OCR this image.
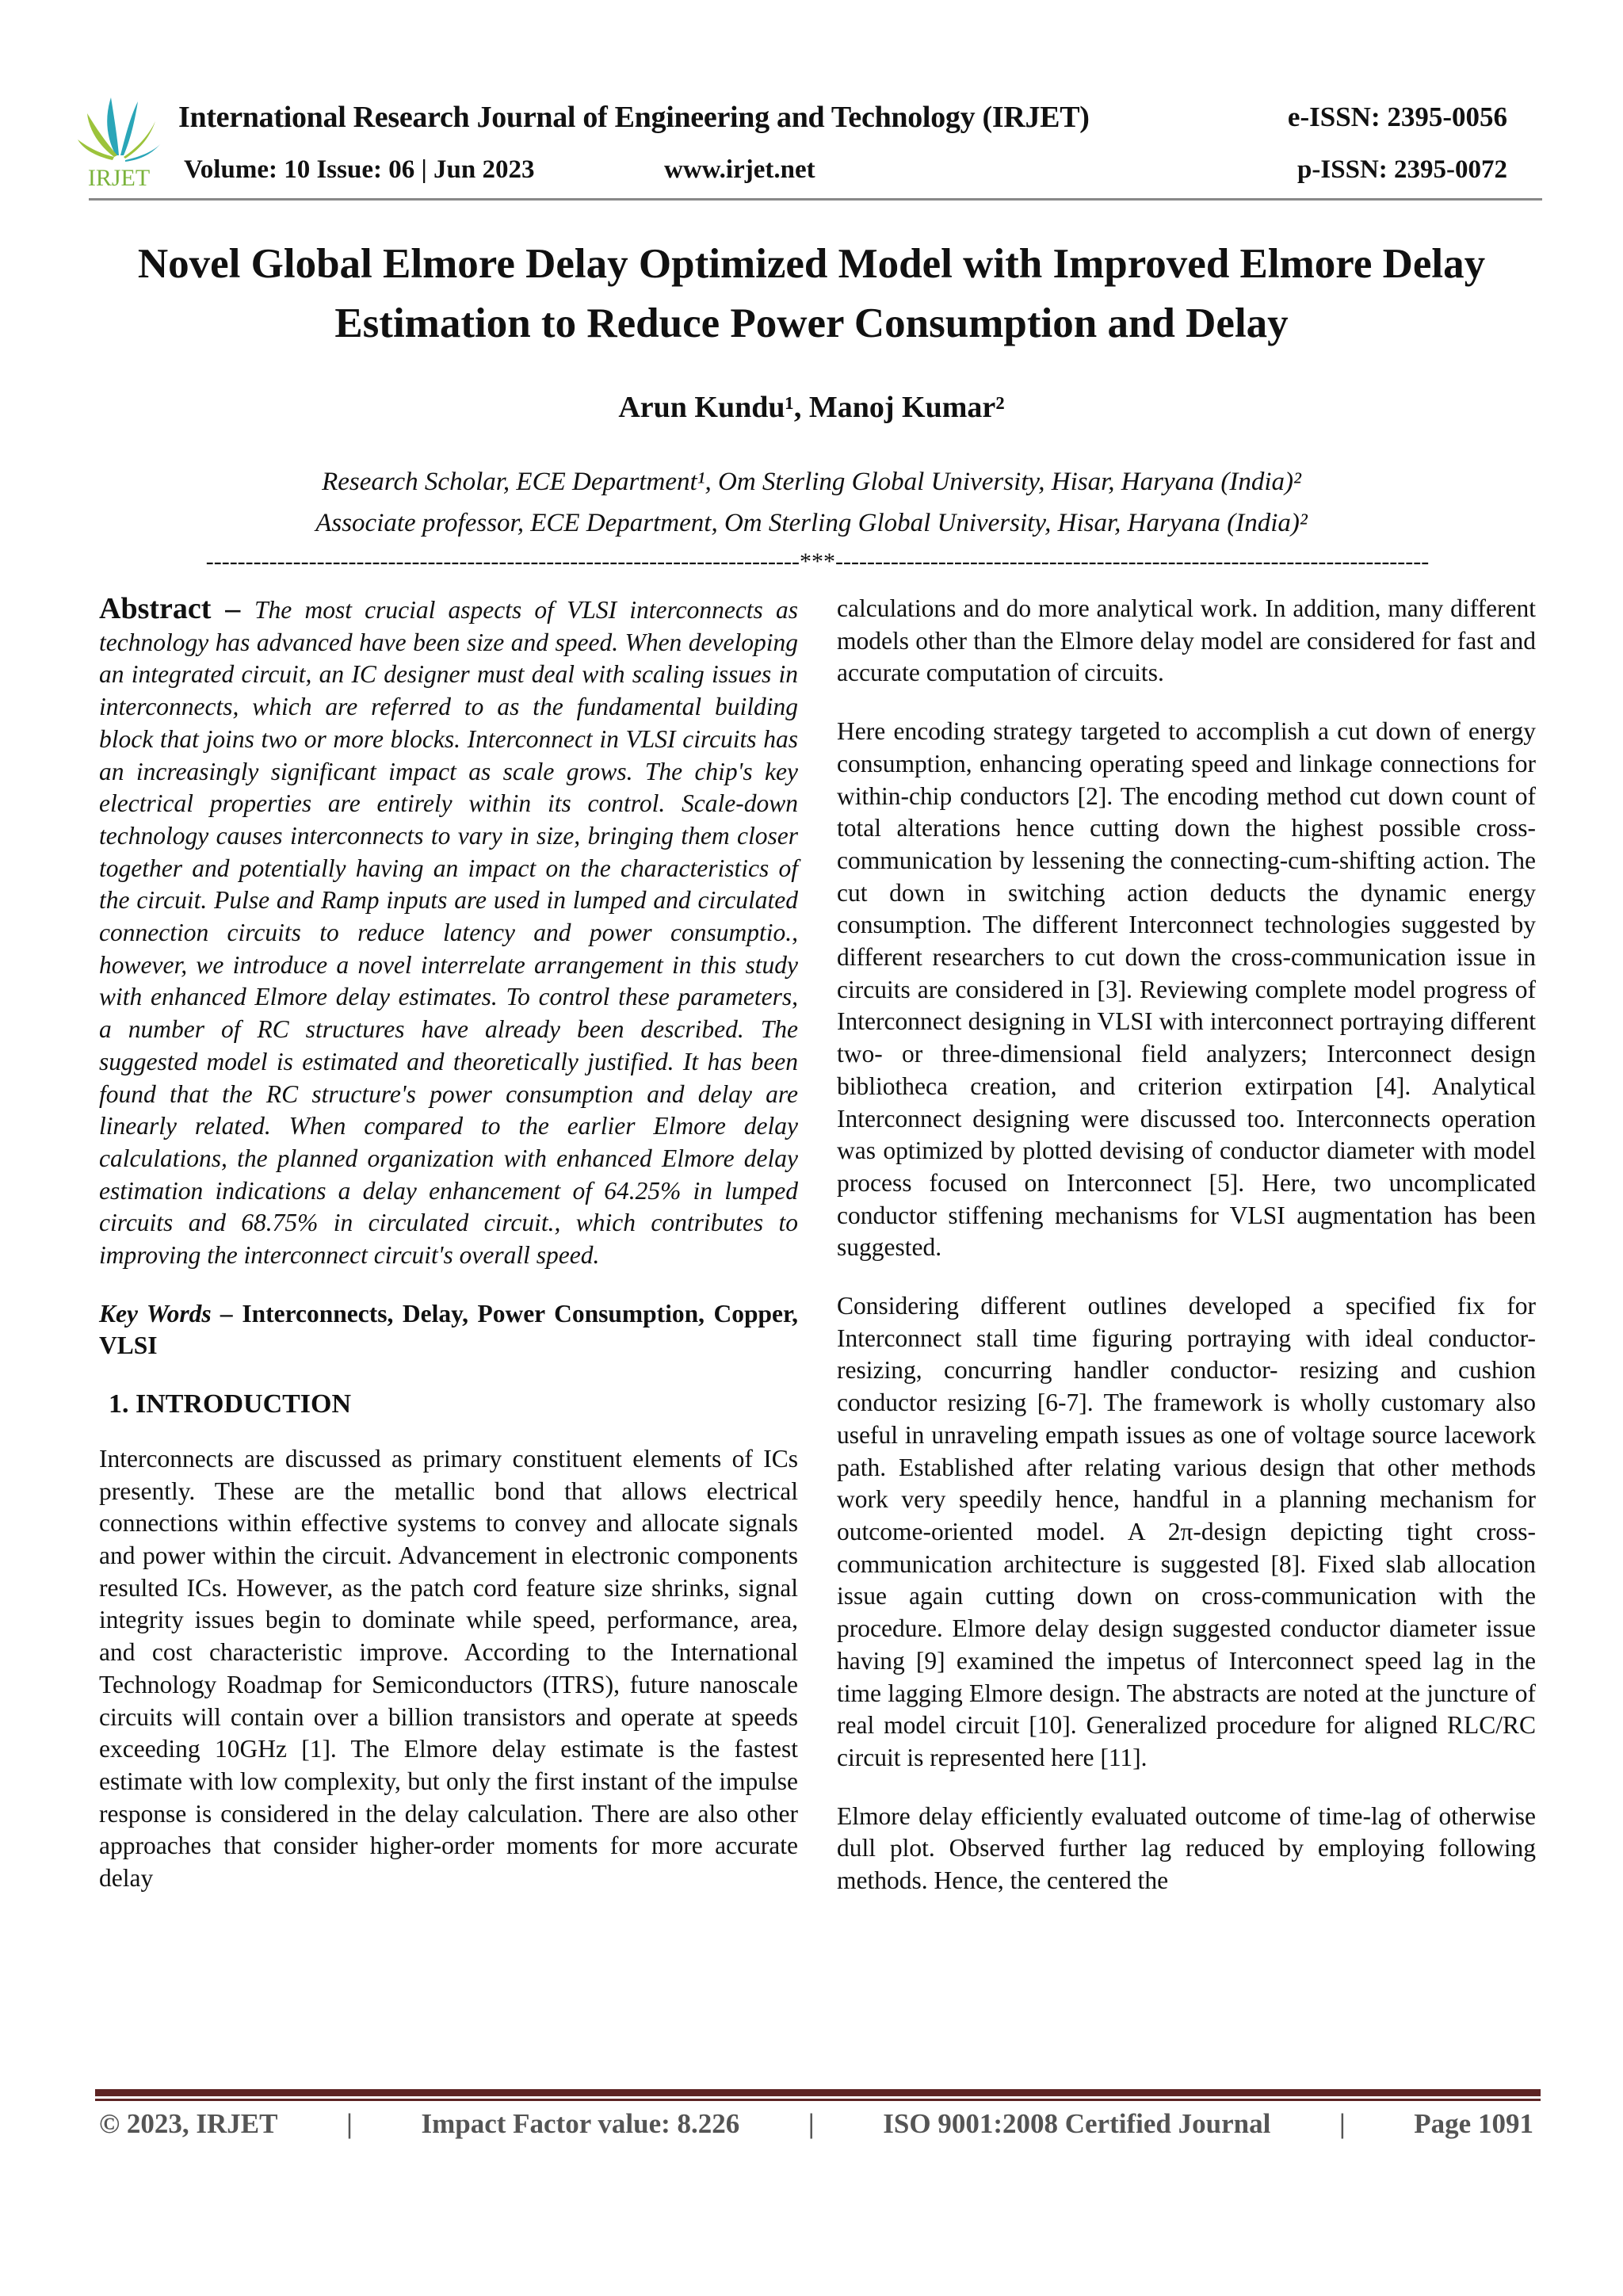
IRJET
International Research Journal of Engineering and Technology (IRJET)	e-ISSN: 2395-0056
Volume: 10 Issue: 06 | Jun 2023	www.irjet.net	p-ISSN: 2395-0072
Novel Global Elmore Delay Optimized Model with Improved Elmore Delay Estimation to Reduce Power Consumption and Delay
Arun Kundu¹, Manoj Kumar²
Research Scholar, ECE Department¹, Om Sterling Global University, Hisar, Haryana (India)²
Associate professor, ECE Department, Om Sterling Global University, Hisar, Haryana (India)²
---------------------------------------------------------------------------***---------------------------------------------------------------------------

Abstract – The most crucial aspects of VLSI interconnects as technology has advanced have been size and speed. When developing an integrated circuit, an IC designer must deal with scaling issues in interconnects, which are referred to as the fundamental building block that joins two or more blocks. Interconnect in VLSI circuits has an increasingly significant impact as scale grows. The chip's key electrical properties are entirely within its control. Scale-down technology causes interconnects to vary in size, bringing them closer together and potentially having an impact on the characteristics of the circuit. Pulse and Ramp inputs are used in lumped and circulated connection circuits to reduce latency and power consumptio., however, we introduce a novel interrelate arrangement in this study with enhanced Elmore delay estimates. To control these parameters, a number of RC structures have already been described. The suggested model is estimated and theoretically justified. It has been found that the RC structure's power consumption and delay are linearly related. When compared to the earlier Elmore delay calculations, the planned organization with enhanced Elmore delay estimation indications a delay enhancement of 64.25% in lumped circuits and 68.75% in circulated circuit., which contributes to improving the interconnect circuit's overall speed.

Key Words – Interconnects, Delay, Power Consumption, Copper, VLSI

1. INTRODUCTION

Interconnects are discussed as primary constituent elements of ICs presently. These are the metallic bond that allows electrical connections within effective systems to convey and allocate signals and power within the circuit. Advancement in electronic components resulted ICs. However, as the patch cord feature size shrinks, signal integrity issues begin to dominate while speed, performance, area, and cost characteristic improve. According to the International Technology Roadmap for Semiconductors (ITRS), future nanoscale circuits will contain over a billion transistors and operate at speeds exceeding 10GHz [1]. The Elmore delay estimate is the fastest estimate with low complexity, but only the first instant of the impulse response is considered in the delay calculation. There are also other approaches that consider higher-order moments for more accurate delay

calculations and do more analytical work. In addition, many different models other than the Elmore delay model are considered for fast and accurate computation of circuits.

Here encoding strategy targeted to accomplish a cut down of energy consumption, enhancing operating speed and linkage connections for within-chip conductors [2]. The encoding method cut down count of total alterations hence cutting down the highest possible cross-communication by lessening the connecting-cum-shifting action. The cut down in switching action deducts the dynamic energy consumption. The different Interconnect technologies suggested by different researchers to cut down the cross-communication issue in circuits are considered in [3]. Reviewing complete model progress of Interconnect designing in VLSI with interconnect portraying different two- or three-dimensional field analyzers; Interconnect design bibliotheca creation, and criterion extirpation [4]. Analytical Interconnect designing were discussed too. Interconnects operation was optimized by plotted devising of conductor diameter with model process focused on Interconnect [5]. Here, two uncomplicated conductor stiffening mechanisms for VLSI augmentation has been suggested.

Considering different outlines developed a specified fix for Interconnect stall time figuring portraying with ideal conductor-resizing, concurring handler conductor- resizing and cushion conductor resizing [6-7]. The framework is wholly customary also useful in unraveling empath issues as one of voltage source lacework path. Established after relating various design that other methods work very speedily hence, handful in a planning mechanism for outcome-oriented model. A 2π-design depicting tight cross-communication architecture is suggested [8]. Fixed slab allocation issue again cutting down on cross-communication with the procedure. Elmore delay design suggested conductor diameter issue having [9] examined the impetus of Interconnect speed lag in the time lagging Elmore design. The abstracts are noted at the juncture of real model circuit [10]. Generalized procedure for aligned RLC/RC circuit is represented here [11].

Elmore delay efficiently evaluated outcome of time-lag of otherwise dull plot. Observed further lag reduced by employing following methods. Hence, the centered the

© 2023, IRJET | Impact Factor value: 8.226 | ISO 9001:2008 Certified Journal | Page 1091
